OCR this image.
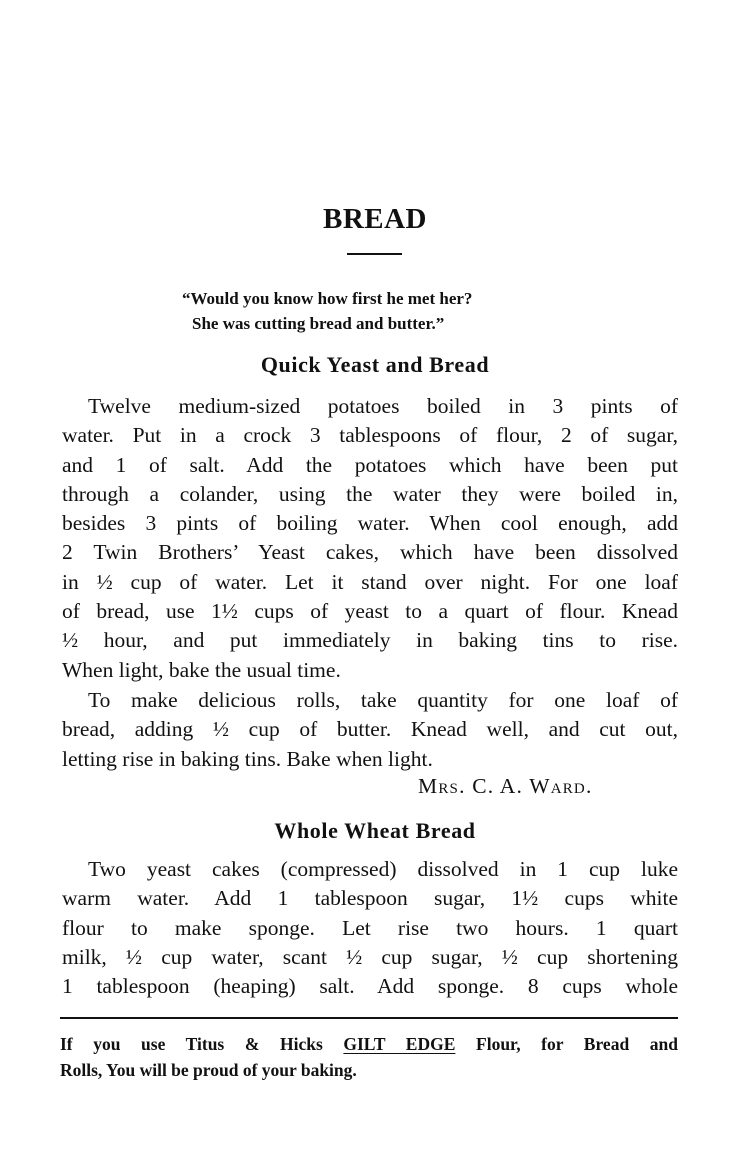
BREAD
“Would you know how first he met her?
She was cutting bread and butter.”
Quick Yeast and Bread
Twelve medium-sized potatoes boiled in 3 pints of
water. Put in a crock 3 tablespoons of flour, 2 of sugar,
and 1 of salt. Add the potatoes which have been put
through a colander, using the water they were boiled in,
besides 3 pints of boiling water. When cool enough, add
2 Twin Brothers’ Yeast cakes, which have been dissolved
in ½ cup of water. Let it stand over night. For one loaf
of bread, use 1½ cups of yeast to a quart of flour. Knead
½ hour, and put immediately in baking tins to rise.
When light, bake the usual time.
To make delicious rolls, take quantity for one loaf of
bread, adding ½ cup of butter. Knead well, and cut out,
letting rise in baking tins. Bake when light.
Mrs. C. A. Ward.
Whole Wheat Bread
Two yeast cakes (compressed) dissolved in 1 cup luke
warm water. Add 1 tablespoon sugar, 1½ cups white
flour to make sponge. Let rise two hours. 1 quart
milk, ½ cup water, scant ½ cup sugar, ½ cup shortening
1 tablespoon (heaping) salt. Add sponge. 8 cups whole
If you use Titus & Hicks GILT EDGE Flour, for Bread and
Rolls, You will be proud of your baking.
